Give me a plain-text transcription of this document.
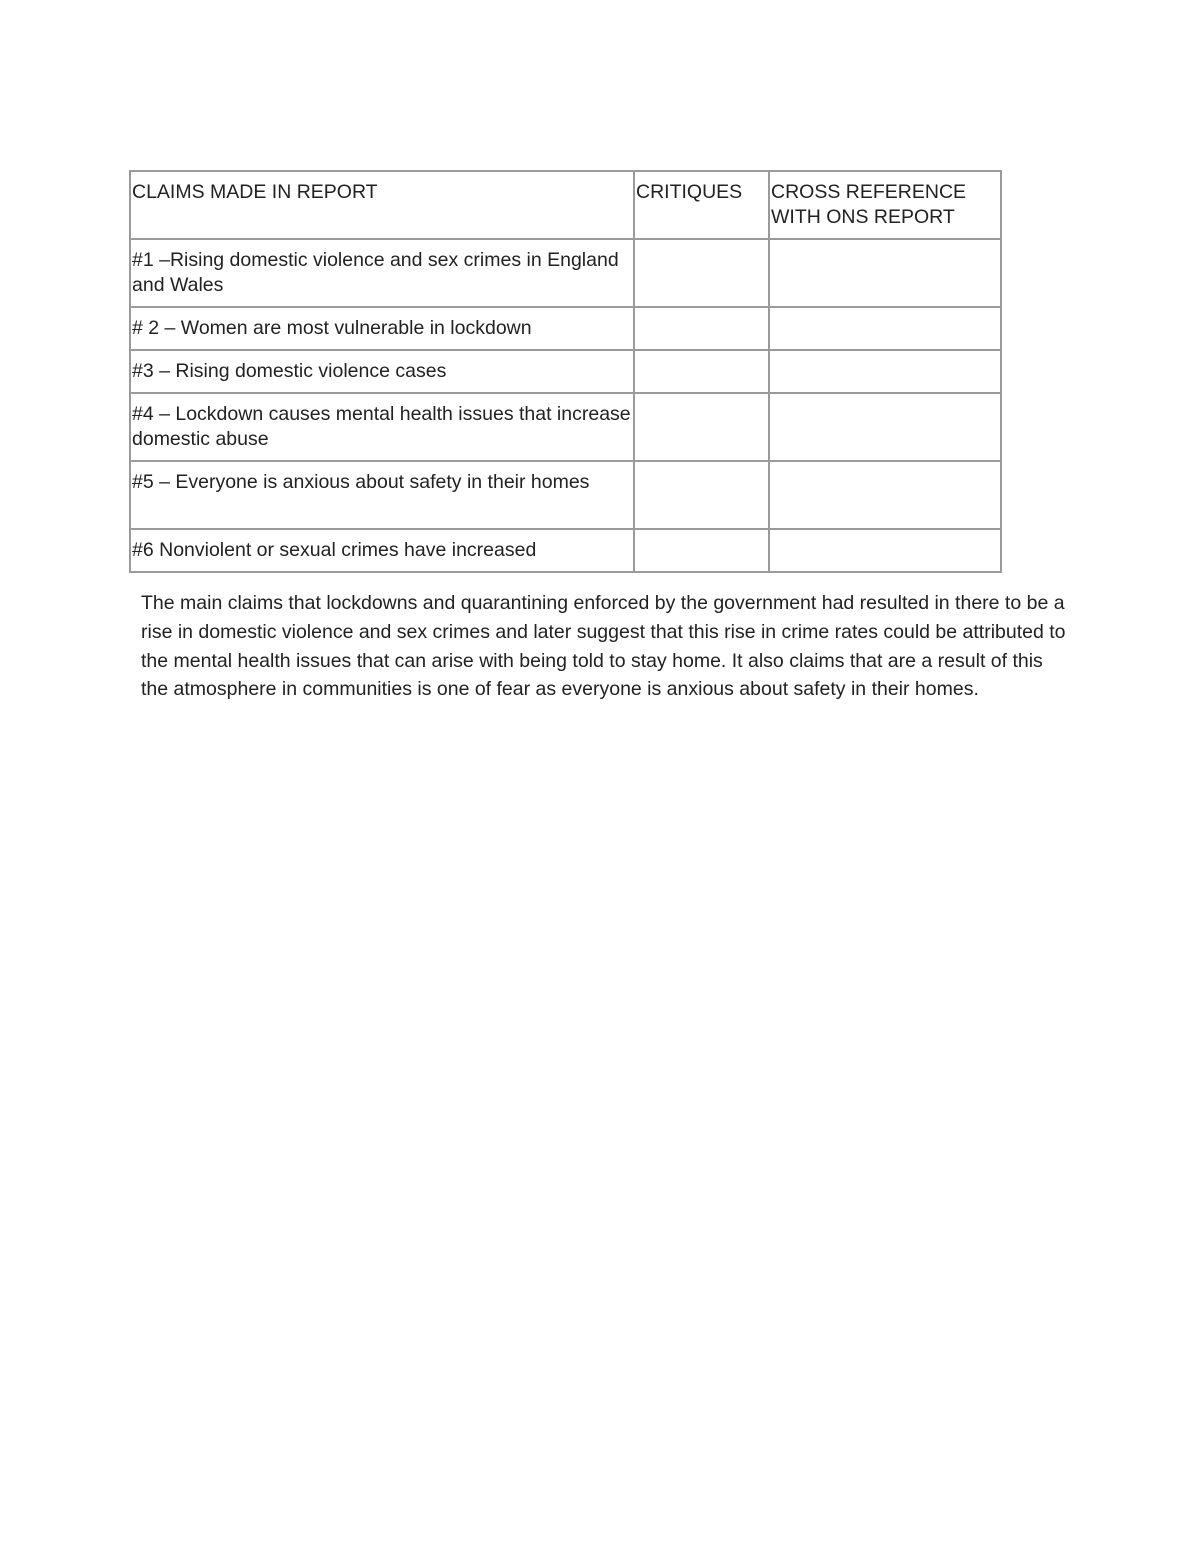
CLAIMS MADE IN REPORT	CRITIQUES	CROSS REFERENCE WITH ONS REPORT
#1 –Rising domestic violence and sex crimes in England and Wales		
# 2 – Women are most vulnerable in lockdown		
#3 – Rising domestic violence cases		
#4 – Lockdown causes mental health issues that increase domestic abuse		
#5 – Everyone is anxious about safety in their homes		
#6 Nonviolent or sexual crimes have increased		

The main claims that lockdowns and quarantining enforced by the government had resulted in there to be a rise in domestic violence and sex crimes and later suggest that this rise in crime rates could be attributed to the mental health issues that can arise with being told to stay home. It also claims that are a result of this the atmosphere in communities is one of fear as everyone is anxious about safety in their homes.
